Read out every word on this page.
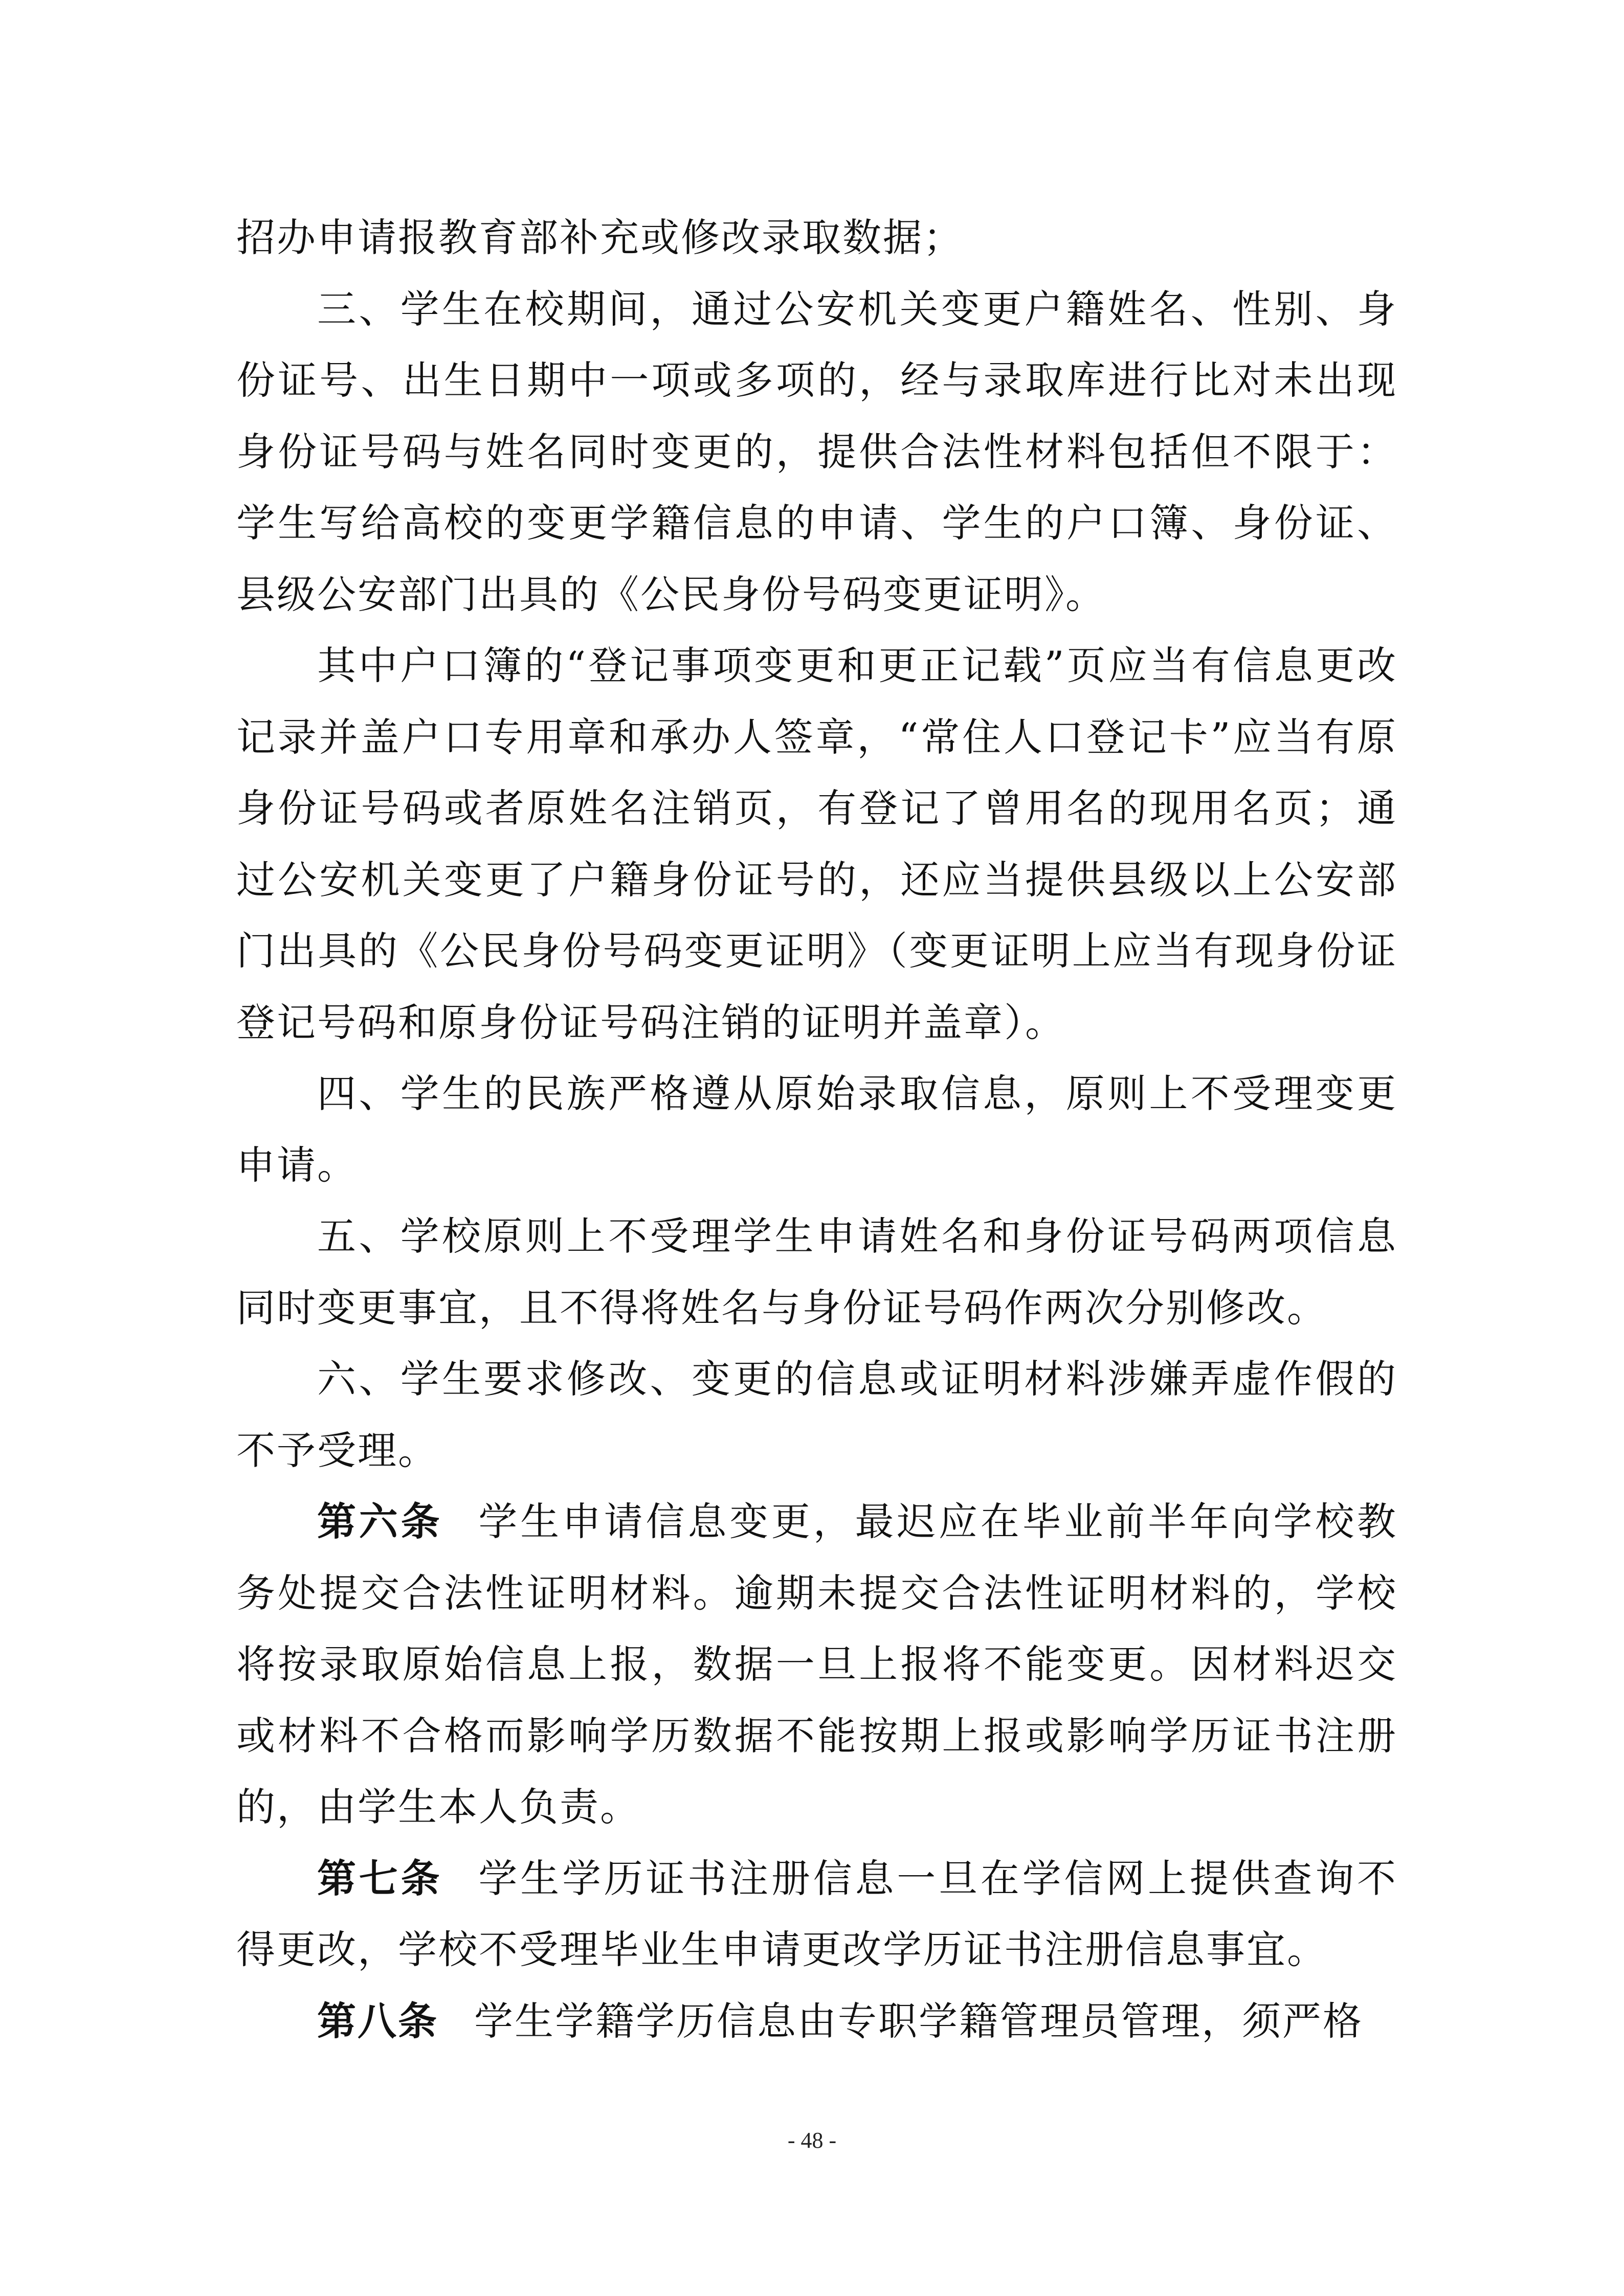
招办申请报教育部补充或修改录取数据；

三、学生在校期间，通过公安机关变更户籍姓名、性别、身份证号、出生日期中一项或多项的，经与录取库进行比对未出现身份证号码与姓名同时变更的，提供合法性材料包括但不限于：学生写给高校的变更学籍信息的申请、学生的户口簿、身份证、县级公安部门出具的《公民身份号码变更证明》。

其中户口簿的“登记事项变更和更正记载”页应当有信息更改记录并盖户口专用章和承办人签章，“常住人口登记卡”应当有原身份证号码或者原姓名注销页，有登记了曾用名的现用名页；通过公安机关变更了户籍身份证号的，还应当提供县级以上公安部门出具的《公民身份号码变更证明》（变更证明上应当有现身份证登记号码和原身份证号码注销的证明并盖章）。

四、学生的民族严格遵从原始录取信息，原则上不受理变更申请。

五、学校原则上不受理学生申请姓名和身份证号码两项信息同时变更事宜，且不得将姓名与身份证号码作两次分别修改。

六、学生要求修改、变更的信息或证明材料涉嫌弄虚作假的不予受理。

第六条 学生申请信息变更，最迟应在毕业前半年向学校教务处提交合法性证明材料。逾期未提交合法性证明材料的，学校将按录取原始信息上报，数据一旦上报将不能变更。因材料迟交或材料不合格而影响学历数据不能按期上报或影响学历证书注册的，由学生本人负责。

第七条 学生学历证书注册信息一旦在学信网上提供查询不得更改，学校不受理毕业生申请更改学历证书注册信息事宜。

第八条 学生学籍学历信息由专职学籍管理员管理，须严格

- 48 -
